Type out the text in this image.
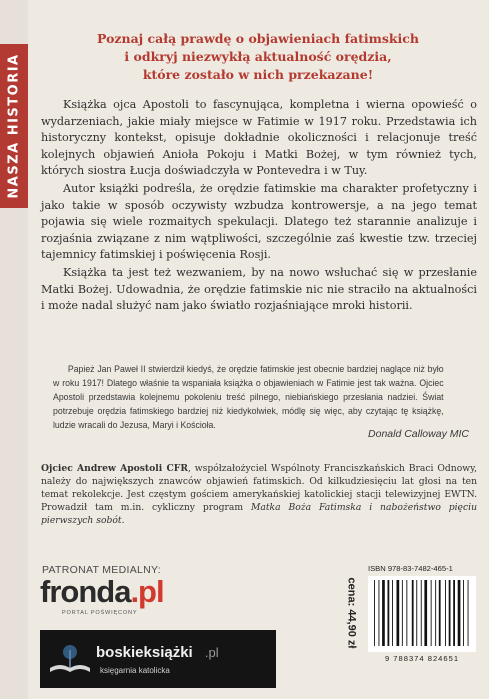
NASZA HISTORIA
Poznaj całą prawdę o objawieniach fatimskich
i odkryj niezwykłą aktualność orędzia,
które zostało w nich przekazane!

Książka ojca Apostoli to fascynująca, kompletna i wierna opowieść o wydarzeniach, jakie miały miejsce w Fatimie w 1917 roku. Przedstawia ich historyczny kontekst, opisuje dokładnie okoliczności i relacjonuje treść kolejnych objawień Anioła Pokoju i Matki Bożej, w tym również tych, których siostra Łucja doświadczyła w Pontevedra i w Tuy.

Autor książki podreśla, że orędzie fatimskie ma charakter profetyczny i jako takie w sposób oczywisty wzbudza kontrowersje, a na jego temat pojawia się wiele rozmaitych spekulacji. Dlatego też starannie analizuje i rozjaśnia związane z nim wątpliwości, szczególnie zaś kwestie tzw. trzeciej tajemnicy fatimskiej i poświęcenia Rosji.

Książka ta jest też wezwaniem, by na nowo wsłuchać się w przesłanie Matki Bożej. Udowadnia, że orędzie fatimskie nic nie straciło na aktualności i może nadal służyć nam jako światło rozjaśniające mroki historii.

Papież Jan Paweł II stwierdził kiedyś, że orędzie fatimskie jest obecnie bardziej naglące niż było w roku 1917! Dlatego właśnie ta wspaniała książka o objawieniach w Fatimie jest tak ważna. Ojciec Apostoli przedstawia kolejnemu pokoleniu treść pilnego, niebiańskiego przesłania nadziei. Świat potrzebuje orędzia fatimskiego bardziej niż kiedykolwiek, módlę się więc, aby czytając tę książkę, ludzie wracali do Jezusa, Maryi i Kościoła.
Donald Calloway MIC
Ojciec Andrew Apostoli CFR, współzałożyciel Wspólnoty Franciszkańskich Braci Odnowy, należy do największych znawców objawień fatimskich. Od kilkudziesięciu lat głosi na ten temat rekolekcje. Jest częstym gościem amerykańskiej katolickiej stacji telewizyjnej EWTN. Prowadził tam m.in. cykliczny program Matka Boża Fatimska i nabożeństwo pięciu pierwszych sobót.
PATRONAT MEDIALNY:
fronda.pl
PORTAL POŚWIĘCONY
boskieksiążki .pl
księgarnia katolicka
cena: 44,90 zł
ISBN 978-83-7482-465-1
9 788374 824651
